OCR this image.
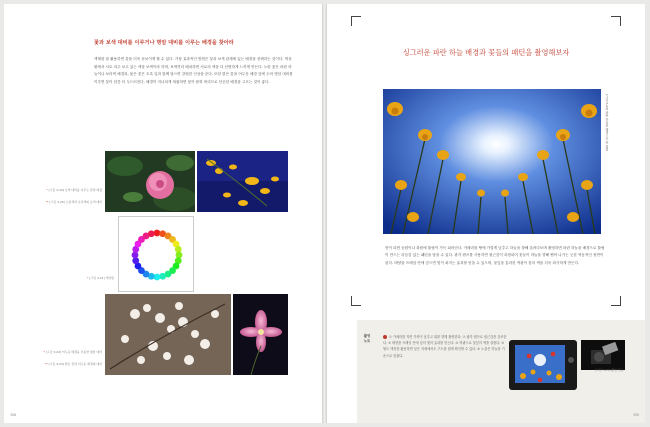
꽃과 보색 대비를 이루거나 명암 대비를 이루는 배경을 찾아라
색채를 잘 활용하면 꽃을 더욱 돋보이게 할 수 있다. 가장 효과적인 방법은 꽃과 보색 관계에 있는 배경을 선택하는 것이다. 색상환에서 서로 마주 보고 있는 색을 보색이라 하며, 보색끼리 배치하면 서로의 색을 더 선명하게 느끼게 만든다. 노란 꽃은 파란 하늘이나 보라색 배경과, 붉은 꽃은 초록 잎과 함께 담으면 강렬한 인상을 준다. 또한 밝은 꽃을 어두운 배경 앞에 두어 명암 대비를 이루면 꽃이 한층 더 두드러진다. 배경이 지나치게 복잡하면 꽃이 묻혀 버리므로 단순한 배경을 고르는 것이 좋다.
* [그림 3-19] 보색 대비를 이루는 꽃과 배경
** [그림 3-20] 노란색과 보라색의 보색 대비
* [그림 3-21] 색상환
* [그림 3-22] 어두운 배경을 이용한 명암 대비
** [그림 3-23] 밝은 꽃과 어두운 배경의 대비
308
싱그러운 파란 하늘 배경과 꽃들의 패턴을 촬영해보자
[그림 3-24] 파란 하늘을 배경으로 한 튤립
봄이 되면 공원이나 화원에 튤립이 가득 피어난다. 카메라를 땅에 가깝게 낮추고 하늘을 향해 올려다보며 촬영하면 파란 하늘을 배경으로 튤립이 만드는 리듬감 있는 패턴을 담을 수 있다. 광각 렌즈를 사용하면 원근감이 과장되어 꽃들이 하늘을 향해 뻗어 나가는 듯한 역동적인 장면이 된다. 태양을 프레임 안에 넣으면 빛이 퍼지는 효과를 얻을 수 있으며, 꽃잎을 통과한 역광이 꽃의 색을 더욱 화사하게 만든다.
촬영 노트
① 카메라를 지면 가까이 낮추고 위를 향해 촬영한다. ② 광각 렌즈로 원근감을 강조한다. ③ 태양을 프레임 안에 넣어 빛의 효과를 얻는다. ④ 역광으로 꽃잎의 색을 살린다. ⑤ 틸트 액정을 활용하면 낮은 자세에서도 구도를 쉽게 확인할 수 있다. ⑥ 노출은 하늘을 기준으로 맞춘다.
[그림 3-25] 촬영 모습
309
